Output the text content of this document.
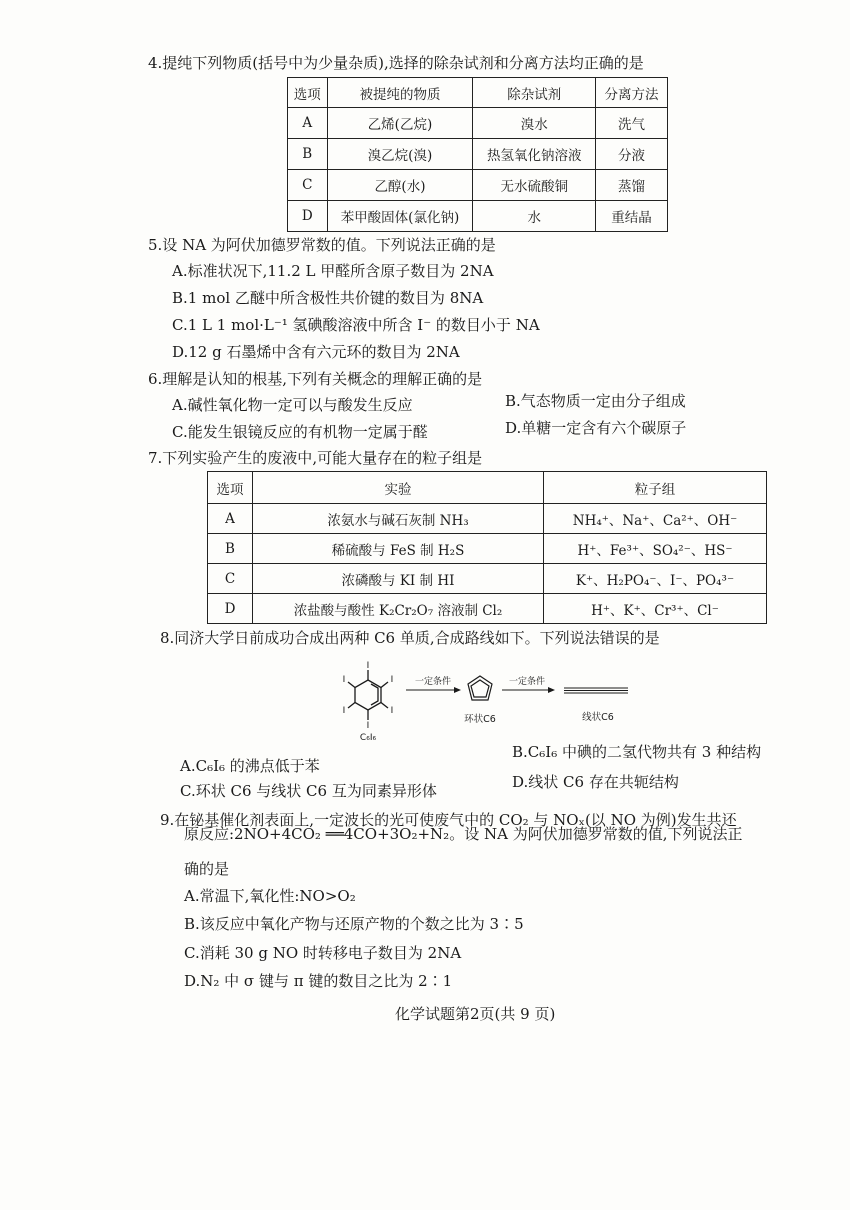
4.提纯下列物质(括号中为少量杂质),选择的除杂试剂和分离方法均正确的是
选项	被提纯的物质	除杂试剂	分离方法
A	乙烯(乙烷)	溴水	洗气
B	溴乙烷(溴)	热氢氧化钠溶液	分液
C	乙醇(水)	无水硫酸铜	蒸馏
D	苯甲酸固体(氯化钠)	水	重结晶
5.设 NA 为阿伏加德罗常数的值。下列说法正确的是
A.标准状况下,11.2 L 甲醛所含原子数目为 2NA
B.1 mol 乙醚中所含极性共价键的数目为 8NA
C.1 L 1 mol·L⁻¹ 氢碘酸溶液中所含 I⁻ 的数目小于 NA
D.12 g 石墨烯中含有六元环的数目为 2NA
6.理解是认知的根基,下列有关概念的理解正确的是
A.碱性氧化物一定可以与酸发生反应	B.气态物质一定由分子组成
C.能发生银镜反应的有机物一定属于醛	D.单糖一定含有六个碳原子
7.下列实验产生的废液中,可能大量存在的粒子组是
选项	实验	粒子组
A	浓氨水与碱石灰制 NH₃	NH₄⁺、Na⁺、Ca²⁺、OH⁻
B	稀硫酸与 FeS 制 H₂S	H⁺、Fe³⁺、SO₄²⁻、HS⁻
C	浓磷酸与 KI 制 HI	K⁺、H₂PO₄⁻、I⁻、PO₄³⁻
D	浓盐酸与酸性 K₂Cr₂O₇ 溶液制 Cl₂	H⁺、K⁺、Cr³⁺、Cl⁻
8.同济大学日前成功合成出两种 C6 单质,合成路线如下。下列说法错误的是
I
I
I
I
I
I
C₆I₆
一定条件
环状C6
一定条件
线状C6
A.C₆I₆ 的沸点低于苯
B.C₆I₆ 中碘的二氢代物共有 3 种结构
C.环状 C6 与线状 C6 互为同素异形体	D.线状 C6 存在共轭结构
9.在铋基催化剂表面上,一定波长的光可使废气中的 CO₂ 与 NOₓ(以 NO 为例)发生共还
原反应:2NO+4CO₂ ══4CO+3O₂+N₂。设 NA 为阿伏加德罗常数的值,下列说法正
确的是
A.常温下,氧化性:NO>O₂
B.该反应中氧化产物与还原产物的个数之比为 3∶5
C.消耗 30 g NO 时转移电子数目为 2NA
D.N₂ 中 σ 键与 π 键的数目之比为 2∶1
化学试题第2页(共 9 页)
